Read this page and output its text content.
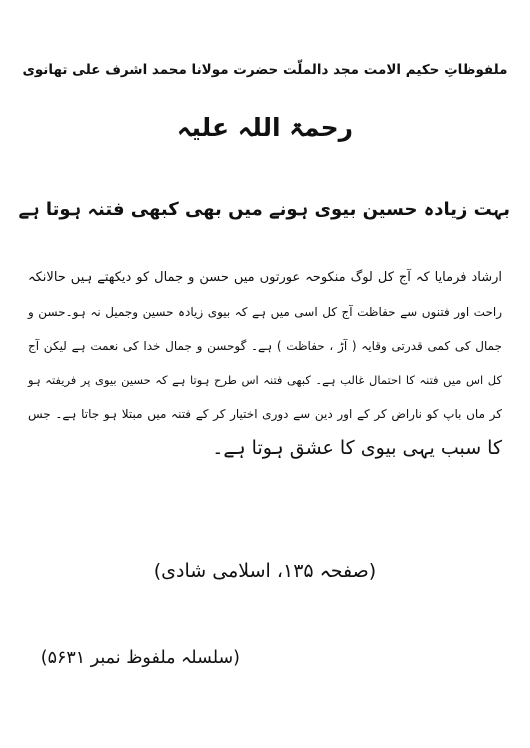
ملفوظاتِ حکیم الامت مجد دالملّت حضرت مولانا محمد اشرف علی تھانوی
رحمۃ اللہ علیہ
بہت زیادہ حسین بیوی ہونے میں بھی کبھی فتنہ ہوتا ہے
ارشاد فرمایا کہ آج کل لوگ منکوحہ عورتوں میں حسن و جمال کو دیکھتے ہیں حالانکہ
راحت اور فتنوں سے حفاظت آج کل اسی میں ہے کہ بیوی زیادہ حسین وجمیل نہ ہو۔حسن و
جمال کی کمی قدرتی وقایہ ( آڑ ، حفاظت ) ہے۔ گوحسن و جمال خدا کی نعمت ہے لیکن آج
کل اس میں فتنہ کا احتمال غالب ہے۔ کبھی فتنہ اس طرح ہوتا ہے کہ حسین بیوی پر فریفتہ ہو
کر ماں باپ کو ناراض کر کے اور دین سے دوری اختیار کر کے فتنہ میں مبتلا ہو جاتا ہے۔ جس
کا سبب یہی بیوی کا عشق ہوتا ہے۔
(صفحہ ۱۳۵، اسلامی شادی)
(سلسلہ ملفوظ نمبر ۵۶۳۱)
